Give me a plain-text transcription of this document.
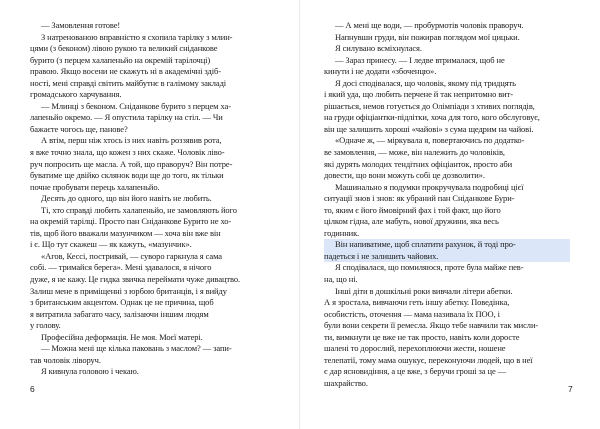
— Замовлення готове!

З натренованою вправністю я схопила тарілку з млин-

цями (з беконом) лівою рукою та великий сніданкове

бурито (з перцем халапеньйо на окремій тарілочці)

правою. Якщо восени не скажуть ні в академічні здіб-

ності, мені справді світить майбутнє в галімому закладі

громадського харчування.

— Млинці з беконом. Сніданкове бурито з перцем ха-

лапеньйо окремо. — Я опустила тарілку на стіл. — Чи

бажаєте чогось ще, панове?

А втім, перш ніж хтось із них навіть роззявив рота,

я вже точно знала, що кожен з них скаже. Чоловік ліво-

руч попросить ще масла. А той, що праворуч? Він потре-

буватиме ще двійко склянок води ще до того, як тільки

почне пробувати перець халапеньйо.

Десять до одного, що він його навіть не любить.

Ті, хто справді любить халапеньйо, не замовляють його

на окремій тарілці. Просто пан Сніданкове Бурито не хо-

тів, щоб його вважали мазунчиком — хоча він вже він

і є. Що тут скажеш — як кажуть, «мазунчик».

«Агов, Кессі, постривай, — суворо гаркнула я сама

собі. — тримайся берега». Мені здавалося, я нічого

дуже, я не кажу. Це гидка звичка переймати чуже дивацтво.

Залиш мене в приміщенні з юрбою британців, і я вийду

з британським акцентом. Однак це не причина, щоб

я витратила забагато часу, залізаючи іншим людям

у голову.

Професійна деформація. Не моя. Моєї матері.

— Можна мені ще кілька паковань з маслом? — запи-

тав чоловік ліворуч.

Я кивнула головою і чекаю.

6

— А мені ще води, — пробурмотів чоловік праворуч.

Напнувши груди, він пожирав поглядом мої цицьки.

Я силувано всміхнулася.

— Зараз принесу. — І ледве втрималася, щоб не

кинути і не додати «збоченцю».

Я досі сподівалася, що чоловік, якому під тридцять

і який уда, що любить перчене й так непритомно вит-

рішається, немов готується до Олімпіади з хтивих поглядів,

на груди офіціантки-підлітки, хоча для того, кого обслуговує,

він ще залишить хороші «чайові» з сума щедрим на чайові.

«Одначе ж, — міркувала я, повертаючись по додатко-

ве замовлення, — може, він належить до чоловіків,

які дурять молодих тендітних офіціанток, просто аби

довести, що вони можуть собі це дозволити».

Машинально я подумки прокручувала подробиці цієї

ситуації знов і знов: як убраний пан Сніданкове Бури-

то, яким є його ймовірний фах і той факт, що його

цілком гідна, але мабуть, нової дружини, яка весь

годинник.

Він напиватиме, щоб сплатити рахунок, й тоді про-

падеться і не залишить чайових.

Я сподівалася, що помиляюся, проте була майже пев-

на, що ні.

Інші діти в дошкільні роки вивчали літери абетки.

А я зростала, вивчаючи геть іншу абетку. Поведінка,

особистість, оточення — мама називала їх ПОО, і

були вони секрети її ремесла. Якщо тебе навчили так мисли-

ти, вимкнути це вже не так просто, навіть коли доросте

шалені то дорослий, перехоплюючи жести, ношене

телепатії, тому мама ошукує, переконуючи людей, що в неї

є дар ясновидіння, а це вже, з беручи гроші за це —

шахрайство.

7
